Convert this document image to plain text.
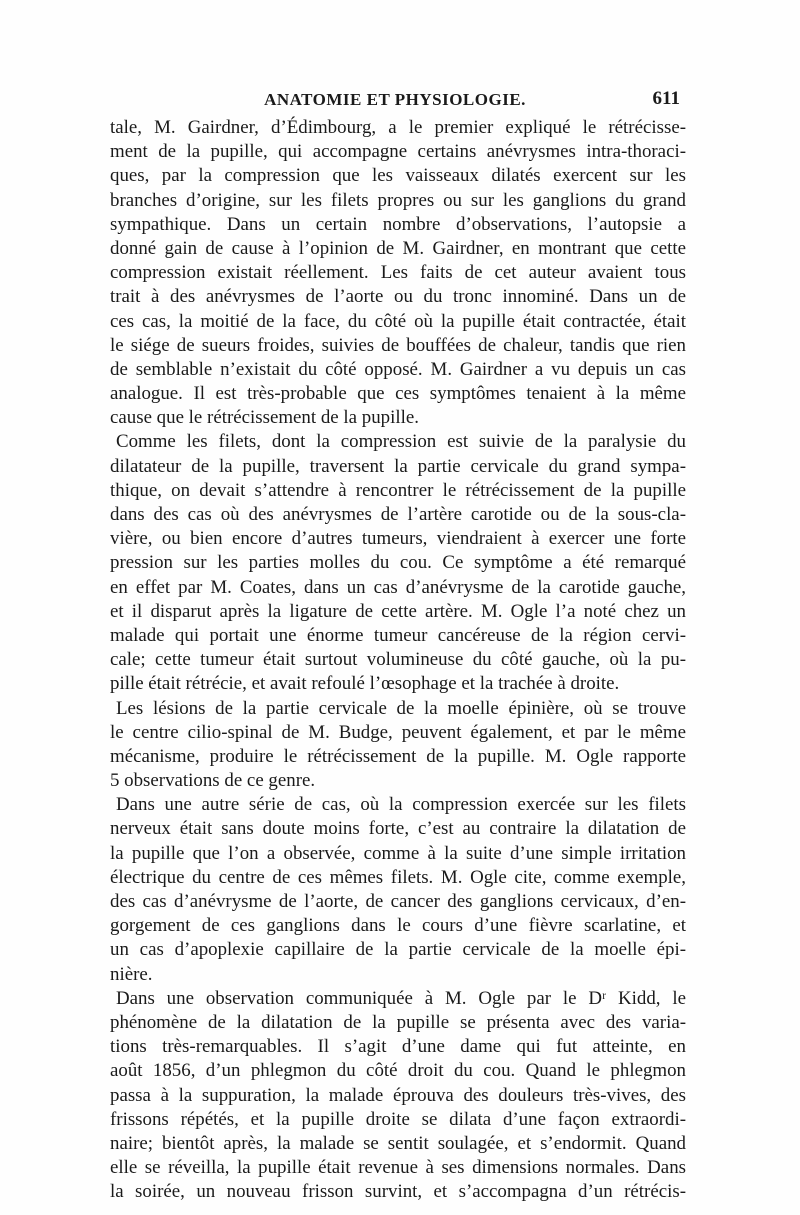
ANATOMIE ET PHYSIOLOGIE.	611
tale, M. Gairdner, d’Édimbourg, a le premier expliqué le rétrécisse-
ment de la pupille, qui accompagne certains anévrysmes intra-thoraci-
ques, par la compression que les vaisseaux dilatés exercent sur les
branches d’origine, sur les filets propres ou sur les ganglions du grand
sympathique. Dans un certain nombre d’observations, l’autopsie a
donné gain de cause à l’opinion de M. Gairdner, en montrant que cette
compression existait réellement. Les faits de cet auteur avaient tous
trait à des anévrysmes de l’aorte ou du tronc innominé. Dans un de
ces cas, la moitié de la face, du côté où la pupille était contractée, était
le siége de sueurs froides, suivies de bouffées de chaleur, tandis que rien
de semblable n’existait du côté opposé. M. Gairdner a vu depuis un cas
analogue. Il est très-probable que ces symptômes tenaient à la même
cause que le rétrécissement de la pupille.
Comme les filets, dont la compression est suivie de la paralysie du
dilatateur de la pupille, traversent la partie cervicale du grand sympa-
thique, on devait s’attendre à rencontrer le rétrécissement de la pupille
dans des cas où des anévrysmes de l’artère carotide ou de la sous-cla-
vière, ou bien encore d’autres tumeurs, viendraient à exercer une forte
pression sur les parties molles du cou. Ce symptôme a été remarqué
en effet par M. Coates, dans un cas d’anévrysme de la carotide gauche,
et il disparut après la ligature de cette artère. M. Ogle l’a noté chez un
malade qui portait une énorme tumeur cancéreuse de la région cervi-
cale; cette tumeur était surtout volumineuse du côté gauche, où la pu-
pille était rétrécie, et avait refoulé l’œsophage et la trachée à droite.
Les lésions de la partie cervicale de la moelle épinière, où se trouve
le centre cilio-spinal de M. Budge, peuvent également, et par le même
mécanisme, produire le rétrécissement de la pupille. M. Ogle rapporte
5 observations de ce genre.
Dans une autre série de cas, où la compression exercée sur les filets
nerveux était sans doute moins forte, c’est au contraire la dilatation de
la pupille que l’on a observée, comme à la suite d’une simple irritation
électrique du centre de ces mêmes filets. M. Ogle cite, comme exemple,
des cas d’anévrysme de l’aorte, de cancer des ganglions cervicaux, d’en-
gorgement de ces ganglions dans le cours d’une fièvre scarlatine, et
un cas d’apoplexie capillaire de la partie cervicale de la moelle épi-
nière.
Dans une observation communiquée à M. Ogle par le Dʳ Kidd, le
phénomène de la dilatation de la pupille se présenta avec des varia-
tions très-remarquables. Il s’agit d’une dame qui fut atteinte, en
août 1856, d’un phlegmon du côté droit du cou. Quand le phlegmon
passa à la suppuration, la malade éprouva des douleurs très-vives, des
frissons répétés, et la pupille droite se dilata d’une façon extraordi-
naire; bientôt après, la malade se sentit soulagée, et s’endormit. Quand
elle se réveilla, la pupille était revenue à ses dimensions normales. Dans
la soirée, un nouveau frisson survint, et s’accompagna d’un rétrécis-
